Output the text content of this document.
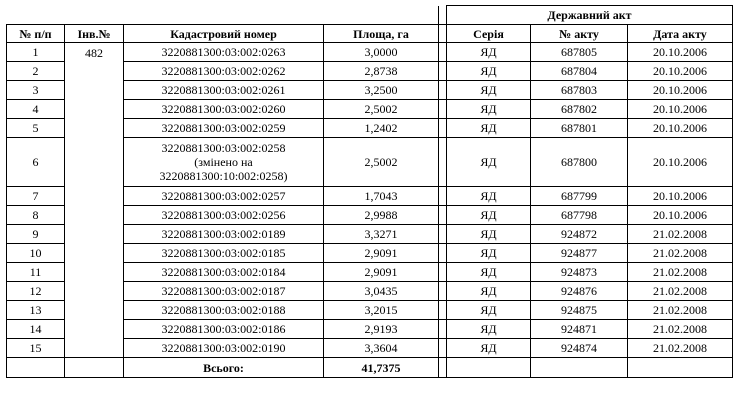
					Державний акт		
№ п/п	Інв.№	Кадастровий номер	Площа, га		Серія	№ акту	Дата акту
1	482	3220881300:03:002:0263	3,0000		ЯД	687805	20.10.2006
2		3220881300:03:002:0262	2,8738		ЯД	687804	20.10.2006
3		3220881300:03:002:0261	3,2500		ЯД	687803	20.10.2006
4		3220881300:03:002:0260	2,5002		ЯД	687802	20.10.2006
5		3220881300:03:002:0259	1,2402		ЯД	687801	20.10.2006
6		3220881300:03:002:0258
(змінено на
3220881300:10:002:0258)	2,5002		ЯД	687800	20.10.2006
7		3220881300:03:002:0257	1,7043		ЯД	687799	20.10.2006
8		3220881300:03:002:0256	2,9988		ЯД	687798	20.10.2006
9		3220881300:03:002:0189	3,3271		ЯД	924872	21.02.2008
10		3220881300:03:002:0185	2,9091		ЯД	924877	21.02.2008
11		3220881300:03:002:0184	2,9091		ЯД	924873	21.02.2008
12		3220881300:03:002:0187	3,0435		ЯД	924876	21.02.2008
13		3220881300:03:002:0188	3,2015		ЯД	924875	21.02.2008
14		3220881300:03:002:0186	2,9193		ЯД	924871	21.02.2008
15		3220881300:03:002:0190	3,3604		ЯД	924874	21.02.2008
		Всього:	41,7375				
